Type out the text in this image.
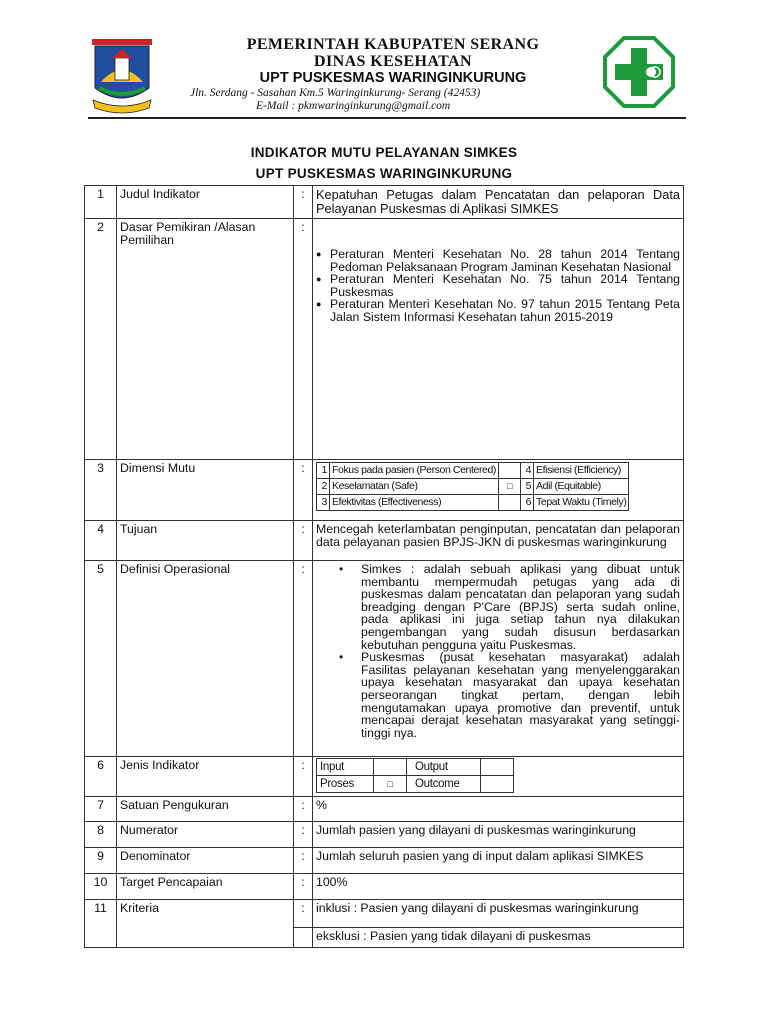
PEMERINTAH KABUPATEN SERANG
DINAS KESEHATAN
UPT PUSKESMAS WARINGINKURUNG
Jln. Serdang - Sasahan Km.5 Waringinkurung- Serang (42453)
E-Mail : pkmwaringinkurung@gmail.com
INDIKATOR MUTU PELAYANAN SIMKES
UPT PUSKESMAS WARINGINKURUNG
1	Judul Indikator	:	Kepatuhan Petugas dalam Pencatatan dan pelaporan Data Pelayanan Puskesmas di Aplikasi SIMKES
2	Dasar Pemikiran /Alasan Pemilihan	:	
● Peraturan Menteri Kesehatan No. 28 tahun 2014 Tentang Pedoman Pelaksanaan Program Jaminan Kesehatan Nasional
● Peraturan Menteri Kesehatan No. 75 tahun 2014 Tentang Puskesmas
● Peraturan Menteri Kesehatan No. 97 tahun 2015 Tentang Peta Jalan Sistem Informasi Kesehatan tahun 2015-2019

3	Dimensi Mutu	:	1	Fokus pada pasien (Person Centered)		4	Efisiensi (Efficiency)
2	Keselamatan (Safe)	□	5	Adil (Equitable)
3	Efektivitas (Effectiveness)		6	Tepat Waktu (Timely)

4	Tujuan	:	Mencegah keterlambatan penginputan, pencatatan dan pelaporan data pelayanan pasien BPJS-JKN di puskesmas waringinkurung
5	Definisi Operasional	:	
•Simkes : adalah sebuah aplikasi yang dibuat untuk membantu mempermudah petugas yang ada di puskesmas dalam pencatatan dan pelaporan yang sudah breadging dengan P'Care (BPJS) serta sudah online, pada aplikasi ini juga setiap tahun nya dilakukan pengembangan yang sudah disusun berdasarkan kebutuhan pengguna yaitu Puskesmas.
• Puskesmas (pusat kesehatan masyarakat) adalah Fasilitas pelayanan kesehatan yang menyelenggarakan upaya kesehatan masyarakat dan upaya kesehatan perseorangan tingkat pertam, dengan lebih mengutamakan upaya promotive dan preventif, untuk mencapai derajat kesehatan masyarakat yang setinggi-tinggi nya.

6	Jenis Indikator	:	Input		Output	
Proses	□	Outcome	

7	Satuan Pengukuran	:	%
8	Numerator	:	Jumlah pasien yang dilayani di puskesmas waringinkurung
9	Denominator	:	Jumlah seluruh pasien yang di input dalam aplikasi SIMKES
10	Target Pencapaian	:	100%
11	Kriteria	:	inklusi : Pasien yang dilayani di puskesmas waringinkurung
	eksklusi : Pasien yang tidak dilayani di puskesmas
